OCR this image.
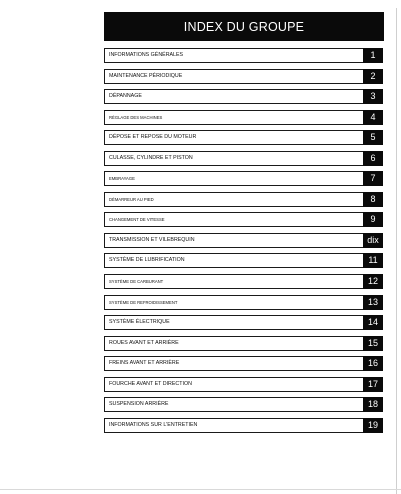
INDEX DU GROUPE
INFORMATIONS GÉNÉRALES	1
MAINTENANCE PÉRIODIQUE	2
DÉPANNAGE	3
RÉGLAGE DES MACHINES	4
DÉPOSE ET REPOSE DU MOTEUR	5
CULASSE, CYLINDRE ET PISTON	6
EMBRAYAGE	7
DÉMARREUR AU PIED	8
CHANGEMENT DE VITESSE	9
TRANSMISSION ET VILEBREQUIN	dix
SYSTÈME DE LUBRIFICATION	11
SYSTÈME DE CARBURANT	12
SYSTÈME DE REFROIDISSEMENT	13
SYSTÈME ÉLECTRIQUE	14
ROUES AVANT ET ARRIÈRE	15
FREINS AVANT ET ARRIÈRE	16
FOURCHE AVANT ET DIRECTION	17
SUSPENSION ARRIÈRE	18
INFORMATIONS SUR L'ENTRETIEN	19
